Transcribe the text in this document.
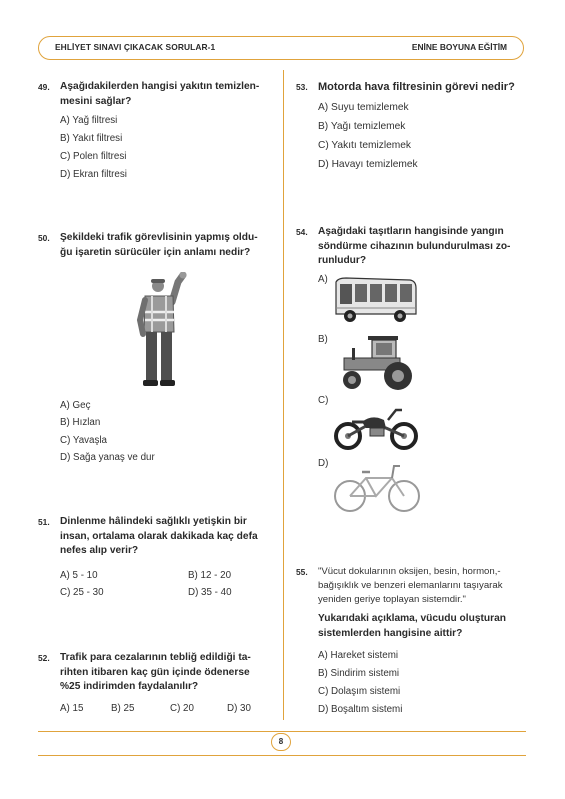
EHLİYET SINAVI ÇIKACAK SORULAR-1	ENİNE BOYUNA EĞİTİM
8
49. Aşağıdakilerden hangisi yakıtın temizlen-
mesini sağlar?
A) Yağ filtresi
B) Yakıt filtresi
C) Polen filtresi
D) Ekran filtresi
50. Şekildeki trafik görevlisinin yapmış oldu-
ğu işaretin sürücüler için anlamı nedir?
A) Geç
B) Hızlan
C) Yavaşla
D) Sağa yanaş ve dur
51. Dinlenme hâlindeki sağlıklı yetişkin bir
insan, ortalama olarak dakikada kaç defa
nefes alıp verir?
A) 5 - 10	B) 12 - 20
C) 25 - 30	D) 35 - 40
52. Trafik para cezalarının tebliğ edildiği ta-
rihten itibaren kaç gün içinde ödenerse
%25 indirimden faydalanılır?
A) 15	B) 25	C) 20	D) 30
53. Motorda hava filtresinin görevi nedir?
A) Suyu temizlemek
B) Yağı temizlemek
C) Yakıtı temizlemek
D) Havayı temizlemek
54. Aşağıdaki taşıtların hangisinde yangın
söndürme cihazının bulundurulması zo-
runludur?
A)
B)
C)
D)
55. "Vücut dokularının oksijen, besin, hormon,-
bağışıklık ve benzeri elemanlarını taşıyarak
yeniden geriye toplayan sistemdir."
Yukarıdaki açıklama, vücudu oluşturan
sistemlerden hangisine aittir?
A) Hareket sistemi
B) Sindirim sistemi
C) Dolaşım sistemi
D) Boşaltım sistemi
